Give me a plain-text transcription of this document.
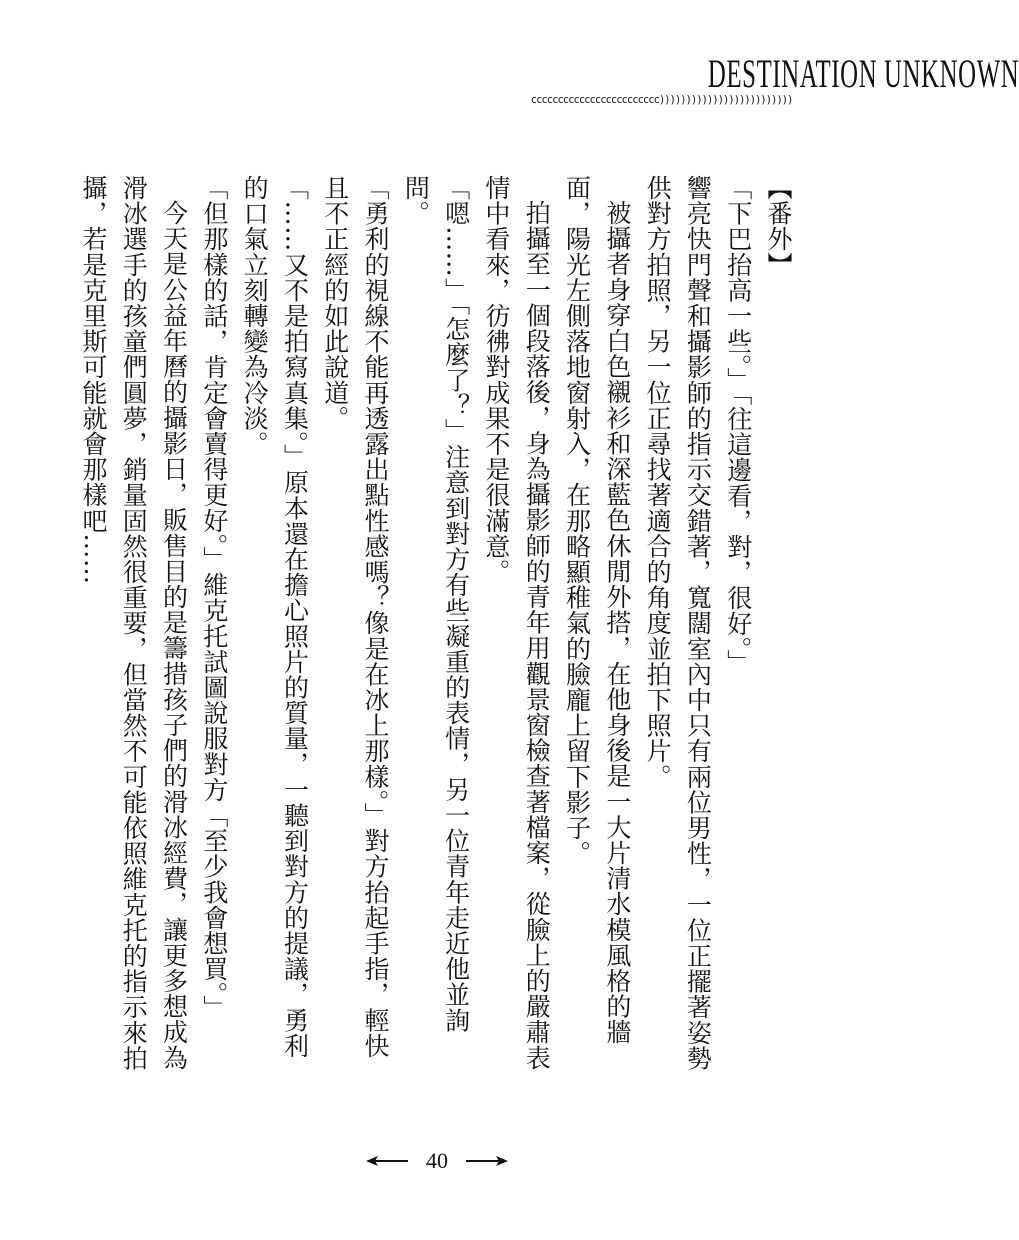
DESTINATION UNKNOWN
cccccccccccccccccccccccc)))))))))))))))))))))))))

【番外】

「下巴抬高一些。」「往這邊看，對，很好。」

響亮快門聲和攝影師的指示交錯著，寬闊室內中只有兩位男性，一位正擺著姿勢供對方拍照，另一位正尋找著適合的角度並拍下照片。

被攝者身穿白色襯衫和深藍色休閒外搭，在他身後是一大片清水模風格的牆面，陽光左側落地窗射入，在那略顯稚氣的臉龐上留下影子。

拍攝至一個段落後，身為攝影師的青年用觀景窗檢查著檔案，從臉上的嚴肅表情中看來，彷彿對成果不是很滿意。

「嗯……」「怎麼了？」注意到對方有些凝重的表情，另一位青年走近他並詢問。

「勇利的視線不能再透露出點性感嗎？像是在冰上那樣。」對方抬起手指，輕快且不正經的如此說道。

「……又不是拍寫真集。」原本還在擔心照片的質量，一聽到對方的提議，勇利的口氣立刻轉變為冷淡。

「但那樣的話，肯定會賣得更好。」維克托試圖說服對方「至少我會想買。」

今天是公益年曆的攝影日，販售目的是籌措孩子們的滑冰經費，讓更多想成為滑冰選手的孩童們圓夢，銷量固然很重要，但當然不可能依照維克托的指示來拍攝，若是克里斯可能就會那樣吧……

40
